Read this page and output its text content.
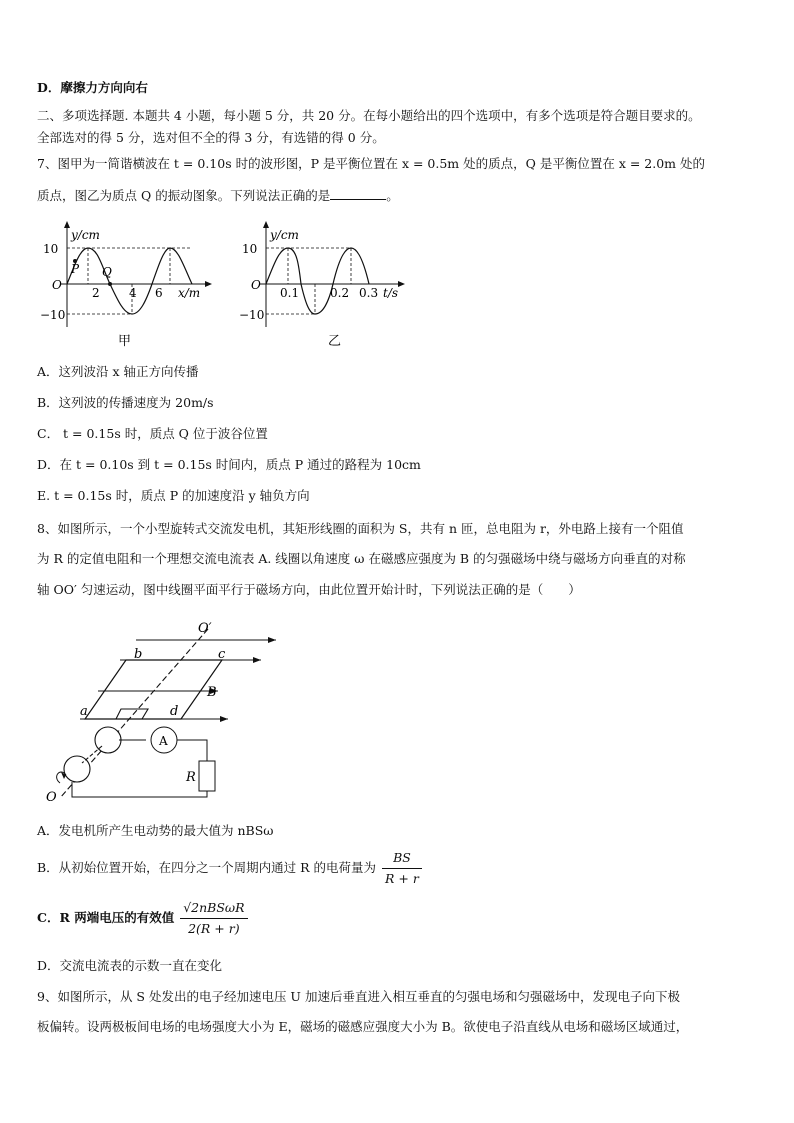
D．摩擦力方向向右
二、多项选择题. 本题共 4 小题，每小题 5 分，共 20 分。在每小题给出的四个选项中，有多个选项是符合题目要求的。
全部选对的得 5 分，选对但不全的得 3 分，有选错的得 0 分。
7、图甲为一简谐横波在 t = 0.10s 时的波形图，P 是平衡位置在 x = 0.5m 处的质点，Q 是平衡位置在 x = 2.0m 处的
质点，图乙为质点 Q 的振动图象。下列说法正确的是	。
y/cm
10
−10
O
P Q
2 4 6 x/m
甲
y/cm
10
−10
O
0.1	0.2 0.3 t/s
乙
A．这列波沿 x 轴正方向传播
B．这列波的传播速度为 20m/s
C． t = 0.15s 时，质点 Q 位于波谷位置
D．在 t = 0.10s 到 t = 0.15s 时间内，质点 P 通过的路程为 10cm
E. t = 0.15s 时，质点 P 的加速度沿 y 轴负方向
8、如图所示，一个小型旋转式交流发电机，其矩形线圈的面积为 S，共有 n 匝，总电阻为 r，外电路上接有一个阻值
为 R 的定值电阻和一个理想交流电流表 A. 线圈以角速度 ω 在磁感应强度为 B 的匀强磁场中绕与磁场方向垂直的对称
轴 OO′ 匀速运动，图中线圈平面平行于磁场方向，由此位置开始计时，下列说法正确的是（　　）
O′
O
b	c
a	d
B
A
R
A．发电机所产生电动势的最大值为 nBSω
B．从初始位置开始，在四分之一个周期内通过 R 的电荷量为 $\frac{BS}{R + r}$
C．R 两端电压的有效值 $\frac{\text{√2nBSωR}}{2(R + r)}$
D．交流电流表的示数一直在变化
9、如图所示，从 S 处发出的电子经加速电压 U 加速后垂直进入相互垂直的匀强电场和匀强磁场中，发现电子向下极
板偏转。设两极板间电场的电场强度大小为 E，磁场的磁感应强度大小为 B。欲使电子沿直线从电场和磁场区域通过，
